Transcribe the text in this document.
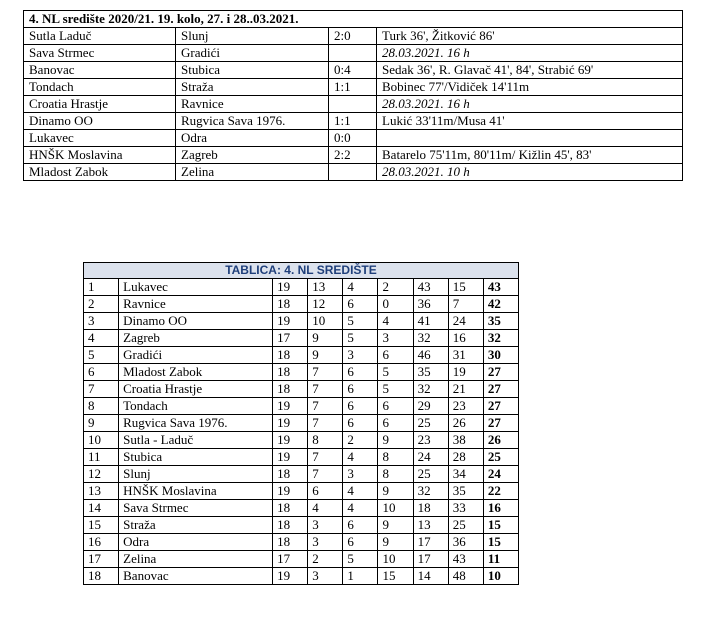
4. NL središte 2020/21. 19. kolo, 27. i 28..03.2021.			
Sutla Laduč	Slunj	2:0	Turk 36', Žitković 86'
Sava Strmec	Gradići		28.03.2021. 16 h
Banovac	Stubica	0:4	Sedak 36', R. Glavač 41', 84', Strabić 69'
Tondach	Straža	1:1	Bobinec 77'/Vidiček 14'11m
Croatia Hrastje	Ravnice		28.03.2021. 16 h
Dinamo OO	Rugvica Sava 1976.	1:1	Lukić 33'11m/Musa 41'
Lukavec	Odra	0:0	
HNŠK Moslavina	Zagreb	2:2	Batarelo 75'11m, 80'11m/ Kižlin 45', 83'
Mladost Zabok	Zelina		28.03.2021. 10 h
TABLICA: 4. NL SREDIŠTE								
1	Lukavec	19	13	4	2	43	15	43
2	Ravnice	18	12	6	0	36	7	42
3	Dinamo OO	19	10	5	4	41	24	35
4	Zagreb	17	9	5	3	32	16	32
5	Gradići	18	9	3	6	46	31	30
6	Mladost Zabok	18	7	6	5	35	19	27
7	Croatia Hrastje	18	7	6	5	32	21	27
8	Tondach	19	7	6	6	29	23	27
9	Rugvica Sava 1976.	19	7	6	6	25	26	27
10	Sutla - Laduč	19	8	2	9	23	38	26
11	Stubica	19	7	4	8	24	28	25
12	Slunj	18	7	3	8	25	34	24
13	HNŠK Moslavina	19	6	4	9	32	35	22
14	Sava Strmec	18	4	4	10	18	33	16
15	Straža	18	3	6	9	13	25	15
16	Odra	18	3	6	9	17	36	15
17	Zelina	17	2	5	10	17	43	11
18	Banovac	19	3	1	15	14	48	10
